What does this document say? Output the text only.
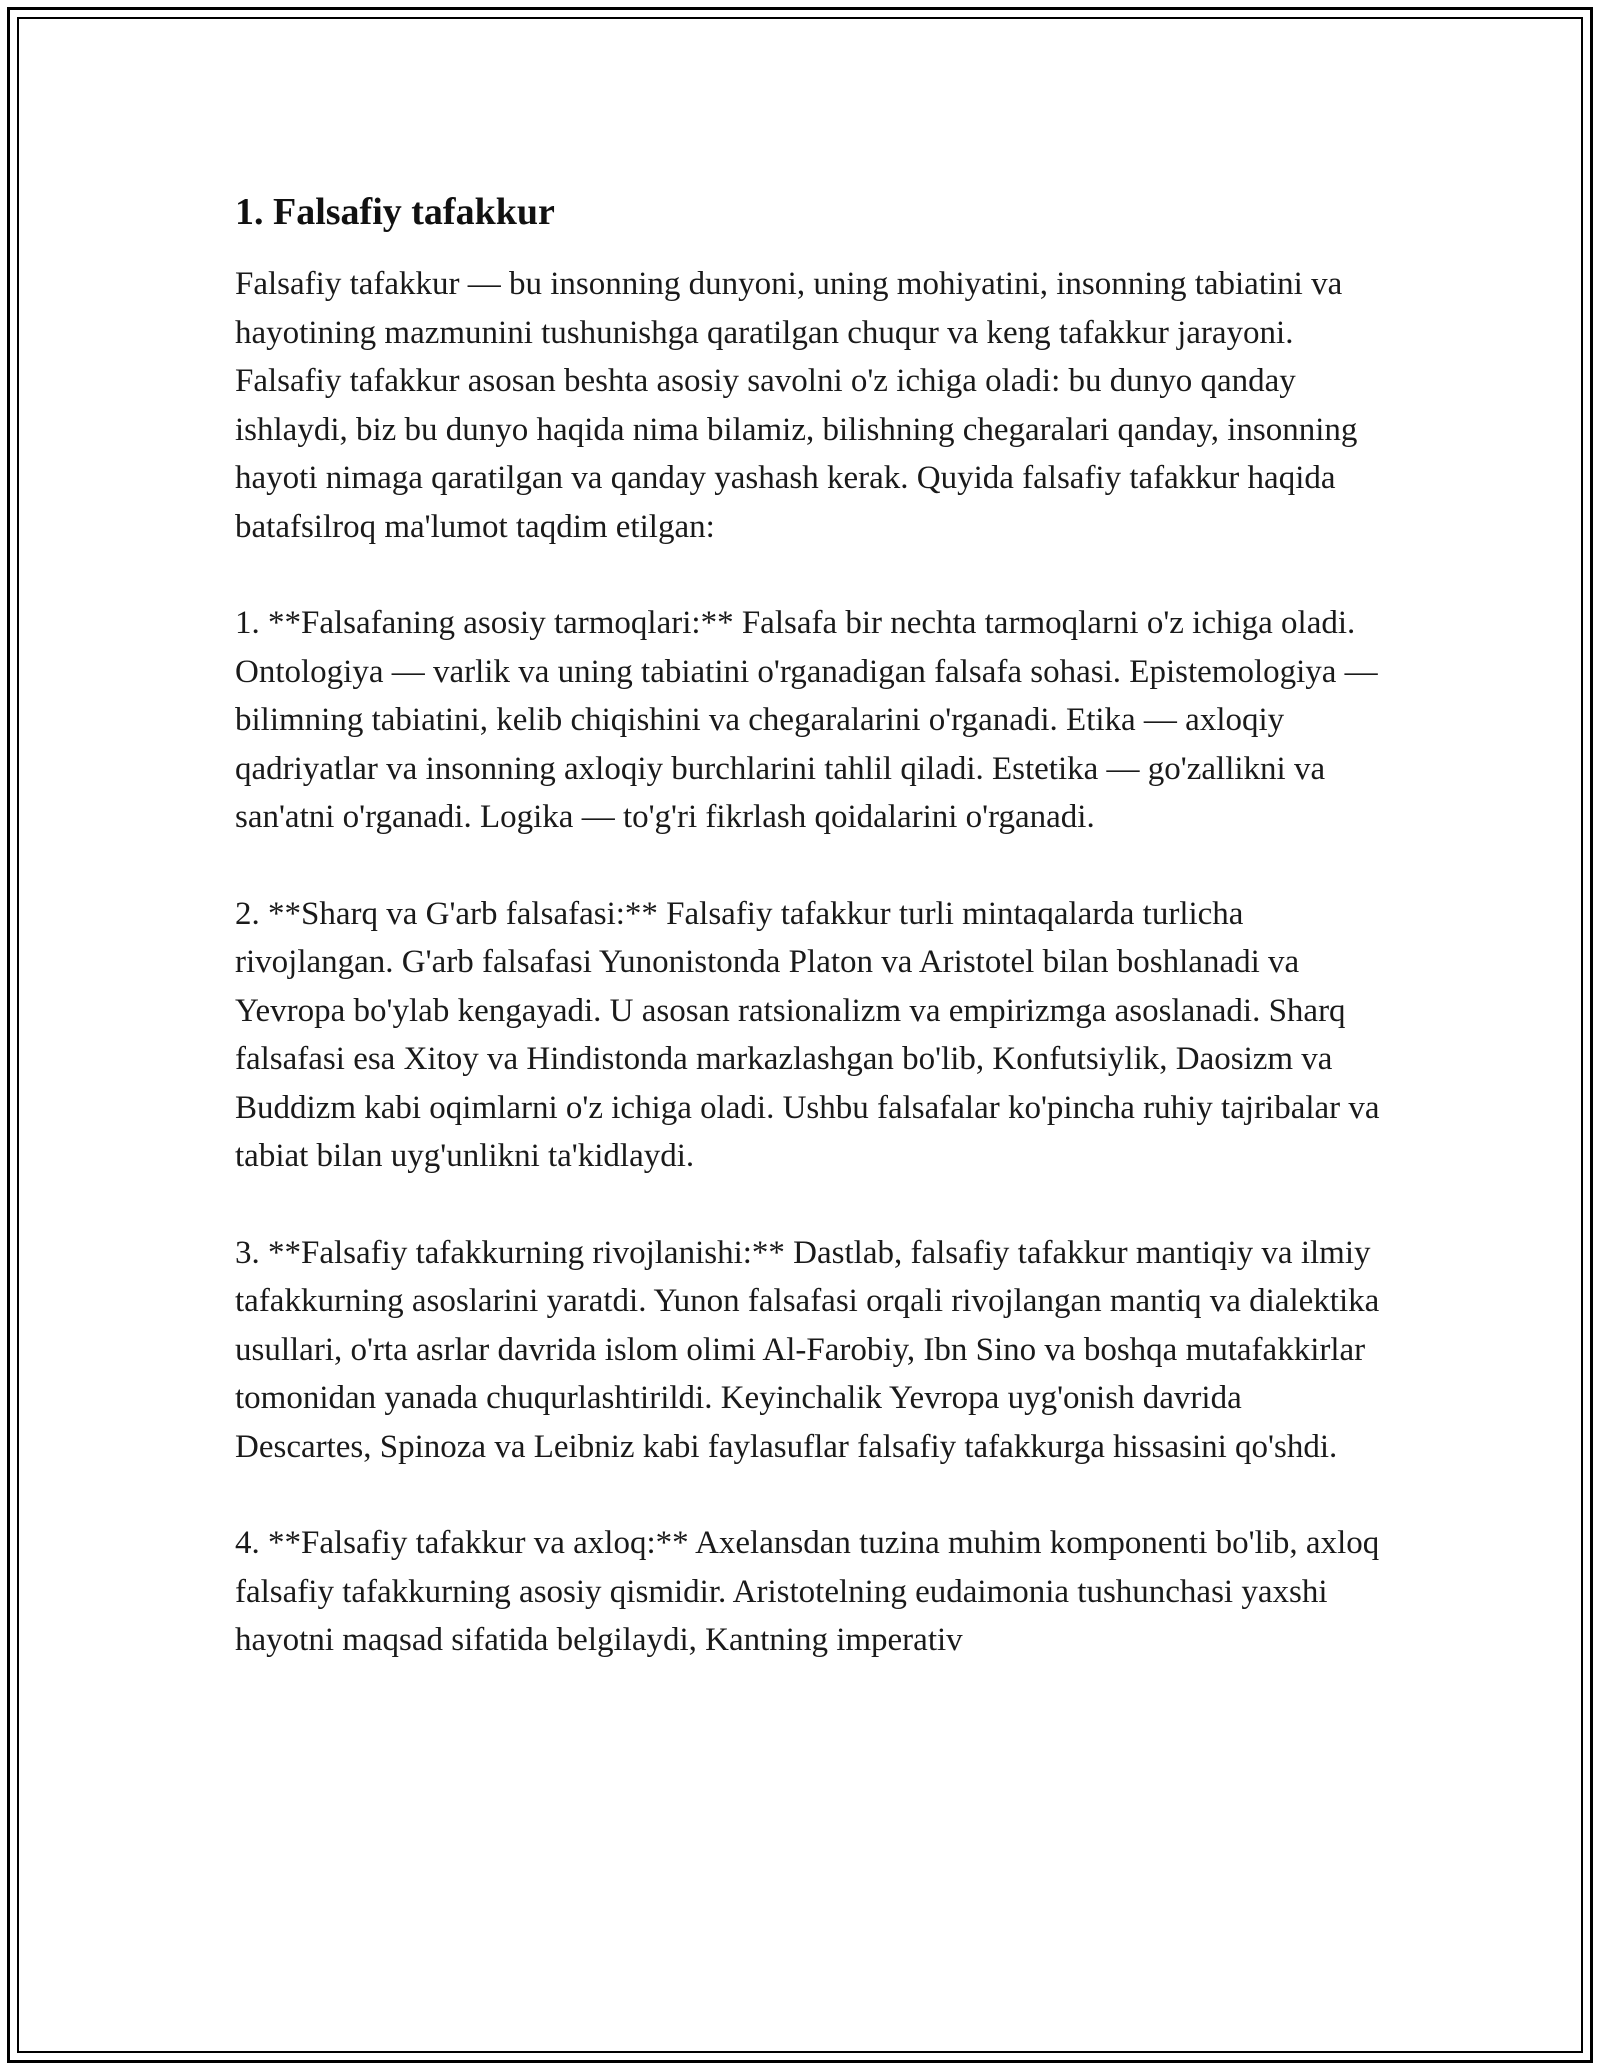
1. Falsafiy tafakkur

Falsafiy tafakkur — bu insonning dunyoni, uning mohiyatini, insonning tabiatini va hayotining mazmunini tushunishga qaratilgan chuqur va keng tafakkur jarayoni. Falsafiy tafakkur asosan beshta asosiy savolni o'z ichiga oladi: bu dunyo qanday ishlaydi, biz bu dunyo haqida nima bilamiz, bilishning chegaralari qanday, insonning hayoti nimaga qaratilgan va qanday yashash kerak. Quyida falsafiy tafakkur haqida batafsilroq ma'lumot taqdim etilgan:

1. **Falsafaning asosiy tarmoqlari:** Falsafa bir nechta tarmoqlarni o'z ichiga oladi. Ontologiya — varlik va uning tabiatini o'rganadigan falsafa sohasi. Epistemologiya — bilimning tabiatini, kelib chiqishini va chegaralarini o'rganadi. Etika — axloqiy qadriyatlar va insonning axloqiy burchlarini tahlil qiladi. Estetika — go'zallikni va san'atni o'rganadi. Logika — to'g'ri fikrlash qoidalarini o'rganadi.

2. **Sharq va G'arb falsafasi:** Falsafiy tafakkur turli mintaqalarda turlicha rivojlangan. G'arb falsafasi Yunonistonda Platon va Aristotel bilan boshlanadi va Yevropa bo'ylab kengayadi. U asosan ratsionalizm va empirizmga asoslanadi. Sharq falsafasi esa Xitoy va Hindistonda markazlashgan bo'lib, Konfutsiylik, Daosizm va Buddizm kabi oqimlarni o'z ichiga oladi. Ushbu falsafalar ko'pincha ruhiy tajribalar va tabiat bilan uyg'unlikni ta'kidlaydi.

3. **Falsafiy tafakkurning rivojlanishi:** Dastlab, falsafiy tafakkur mantiqiy va ilmiy tafakkurning asoslarini yaratdi. Yunon falsafasi orqali rivojlangan mantiq va dialektika usullari, o'rta asrlar davrida islom olimi Al-Farobiy, Ibn Sino va boshqa mutafakkirlar tomonidan yanada chuqurlashtirildi. Keyinchalik Yevropa uyg'onish davrida Descartes, Spinoza va Leibniz kabi faylasuflar falsafiy tafakkurga hissasini qo'shdi.

4. **Falsafiy tafakkur va axloq:** Axelansdan tuzina muhim komponenti bo'lib, axloq falsafiy tafakkurning asosiy qismidir. Aristotelning eudaimonia tushunchasi yaxshi hayotni maqsad sifatida belgilaydi, Kantning imperativ
